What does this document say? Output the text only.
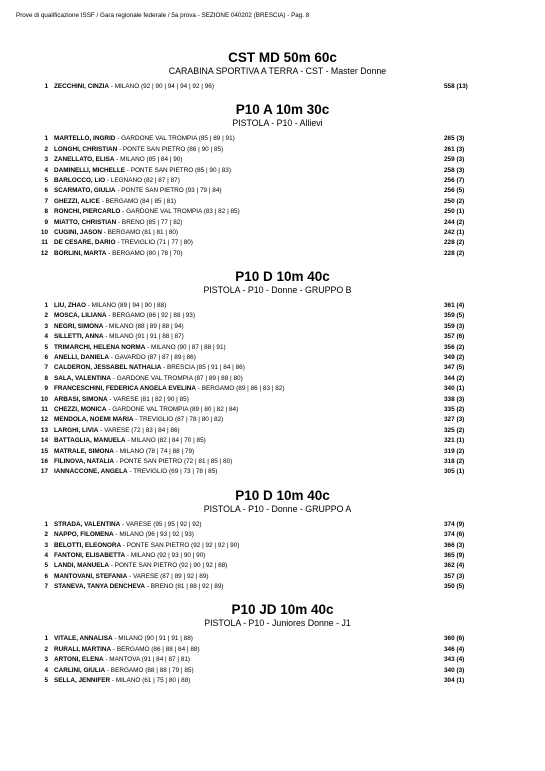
Prove di qualificazione ISSF / Gara regionale federale / 5a prova - SEZIONE 040202 (BRESCIA) - Pag. 8
CST MD 50m 60c
CARABINA SPORTIVA A TERRA - CST - Master Donne
1 ZECCHINI, CINZIA - MILANO (92 | 90 | 94 | 94 | 92 | 96)	558 (13)
P10 A 10m 30c
PISTOLA - P10 - Allievi
1 MARTELLO, INGRID - GARDONE VAL TROMPIA (85 | 89 | 91)	265 (3)
2 LONGHI, CHRISTIAN - PONTE SAN PIETRO (86 | 90 | 85)	261 (3)
3 ZANELLATO, ELISA - MILANO (85 | 84 | 90)	259 (3)
4 DAMINELLI, MICHELLE - PONTE SAN PIETRO (85 | 90 | 83)	258 (3)
5 BARLOCCO, LIO - LEGNANO (82 | 87 | 87)	256 (7)
6 SCARMATO, GIULIA - PONTE SAN PIETRO (93 | 79 | 84)	256 (5)
7 GHEZZI, ALICE - BERGAMO (84 | 85 | 81)	250 (2)
8 RONCHI, PIERCARLO - GARDONE VAL TROMPIA (83 | 82 | 85)	250 (1)
9 MIATTO, CHRISTIAN - BRENO (85 | 77 | 82)	244 (2)
10 CUGINI, JASON - BERGAMO (81 | 81 | 80)	242 (1)
11 DE CESARE, DARIO - TREVIGLIO (71 | 77 | 80)	228 (2)
12 BORLINI, MARTA - BERGAMO (80 | 78 | 70)	228 (2)
P10 D 10m 40c
PISTOLA - P10 - Donne - GRUPPO B
1 LIU, ZHAO - MILANO (89 | 94 | 90 | 88)	361 (4)
2 MOSCA, LILIANA - BERGAMO (86 | 92 | 88 | 93)	359 (5)
3 NEGRI, SIMONA - MILANO (88 | 89 | 88 | 94)	359 (3)
4 SILLETTI, ANNA - MILANO (91 | 91 | 88 | 87)	357 (6)
5 TRIMARCHI, HELENA NORMA - MILANO (90 | 87 | 88 | 91)	356 (2)
6 ANELLI, DANIELA - GAVARDO (87 | 87 | 89 | 86)	349 (2)
7 CALDERON, JESSABEL NATHALIA - BRESCIA (85 | 91 | 84 | 86)	347 (5)
8 SALA, VALENTINA - GARDONE VAL TROMPIA (87 | 89 | 88 | 80)	344 (2)
9 FRANCESCHINI, FEDERICA ANGELA EVELINA - BERGAMO (89 | 86 | 83 | 82)	340 (1)
10 ARBASI, SIMONA - VARESE (81 | 82 | 90 | 85)	338 (3)
11 CHEZZI, MONICA - GARDONE VAL TROMPIA (89 | 80 | 82 | 84)	335 (2)
12 MENDOLA, NOEMI MARIA - TREVIGLIO (87 | 78 | 80 | 82)	327 (3)
13 LARGHI, LIVIA - VARESE (72 | 83 | 84 | 86)	325 (2)
14 BATTAGLIA, MANUELA - MILANO (82 | 84 | 70 | 85)	321 (1)
15 MATRALE, SIMONA - MILANO (78 | 74 | 88 | 79)	319 (2)
16 FILINOVA, NATALIA - PONTE SAN PIETRO (72 | 81 | 85 | 80)	318 (2)
17 IANNACCONE, ANGELA - TREVIGLIO (69 | 73 | 78 | 85)	305 (1)
P10 D 10m 40c
PISTOLA - P10 - Donne - GRUPPO A
1 STRADA, VALENTINA - VARESE (95 | 95 | 92 | 92)	374 (9)
2 NAPPO, FILOMENA - MILANO (96 | 93 | 92 | 93)	374 (6)
3 BELOTTI, ELEONORA - PONTE SAN PIETRO (92 | 92 | 92 | 90)	366 (3)
4 FANTONI, ELISABETTA - MILANO (92 | 93 | 90 | 90)	365 (9)
5 LANDI, MANUELA - PONTE SAN PIETRO (92 | 90 | 92 | 88)	362 (4)
6 MANTOVANI, STEFANIA - VARESE (87 | 89 | 92 | 89)	357 (3)
7 STANEVA, TANYA DENCHEVA - BRENO (81 | 88 | 92 | 89)	350 (5)
P10 JD 10m 40c
PISTOLA - P10 - Juniores Donne - J1
1 VITALE, ANNALISA - MILANO (90 | 91 | 91 | 88)	360 (6)
2 RURALI, MARTINA - BERGAMO (86 | 88 | 84 | 88)	346 (4)
3 ARTONI, ELENA - MANTOVA (91 | 84 | 87 | 81)	343 (4)
4 CARLINI, GIULIA - BERGAMO (88 | 88 | 79 | 85)	340 (3)
5 SELLA, JENNIFER - MILANO (61 | 75 | 80 | 88)	304 (1)
